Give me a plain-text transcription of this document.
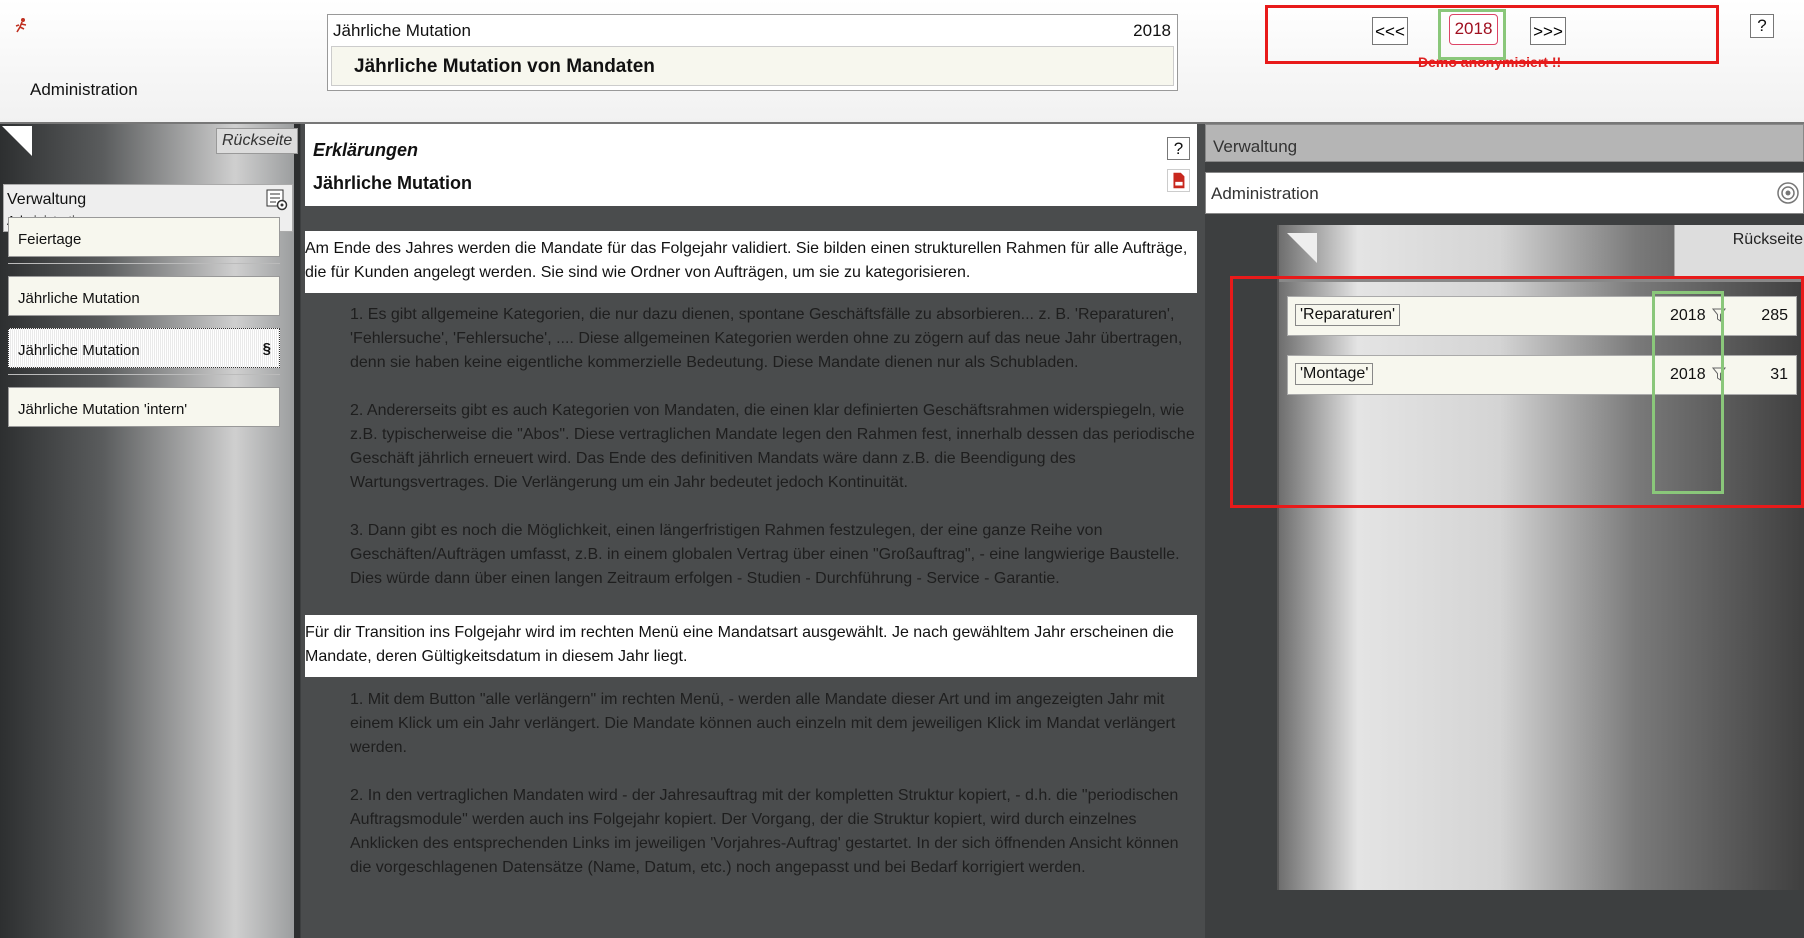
Administration
Jährliche Mutation	2018
Jährliche Mutation von Mandaten
<<<	2018	>>>
Demo anonymisiert !!
?
Rückseite
Verwaltung
Feiertage
Jährliche Mutation
Jährliche Mutation	§
Jährliche Mutation 'intern'
Erklärungen
Jährliche Mutation
?
Am Ende des Jahres werden die Mandate für das Folgejahr validiert. Sie bilden einen strukturellen Rahmen für alle Aufträge, die für Kunden angelegt werden. Sie sind wie Ordner von Aufträgen, um sie zu kategorisieren.

1. Es gibt allgemeine Kategorien, die nur dazu dienen, spontane Geschäftsfälle zu absorbieren... z. B. 'Reparaturen', 'Fehlersuche', 'Fehlersuche', .... Diese allgemeinen Kategorien werden ohne zu zögern auf das neue Jahr übertragen, denn sie haben keine eigentliche kommerzielle Bedeutung. Diese Mandate dienen nur als Schubladen.

2. Andererseits gibt es auch Kategorien von Mandaten, die einen klar definierten Geschäftsrahmen widerspiegeln, wie z.B. typischerweise die "Abos". Diese vertraglichen Mandate legen den Rahmen fest, innerhalb dessen das periodische Geschäft jährlich erneuert wird. Das Ende des definitiven Mandats wäre dann z.B. die Beendigung des Wartungsvertrages. Die Verlängerung um ein Jahr bedeutet jedoch Kontinuität.

3. Dann gibt es noch die Möglichkeit, einen längerfristigen Rahmen festzulegen, der eine ganze Reihe von Geschäften/Aufträgen umfasst, z.B. in einem globalen Vertrag über einen "Großauftrag", - eine langwierige Baustelle. Dies würde dann über einen langen Zeitraum erfolgen - Studien - Durchführung - Service - Garantie.

Für dir Transition ins Folgejahr wird im rechten Menü eine Mandatsart ausgewählt. Je nach gewähltem Jahr erscheinen die Mandate, deren Gültigkeitsdatum in diesem Jahr liegt.

1. Mit dem Button "alle verlängern" im rechten Menü, - werden alle Mandate dieser Art und im angezeigten Jahr mit einem Klick um ein Jahr verlängert. Die Mandate können auch einzeln mit dem jeweiligen Klick im Mandat verlängert werden.

2. In den vertraglichen Mandaten wird - der Jahresauftrag mit der kompletten Struktur kopiert, - d.h. die "periodischen Auftragsmodule" werden auch ins Folgejahr kopiert. Der Vorgang, der die Struktur kopiert, wird durch einzelnes Anklicken des entsprechenden Links im jeweiligen 'Vorjahres-Auftrag' gestartet. In der sich öffnenden Ansicht können die vorgeschlagenen Datensätze (Name, Datum, etc.) noch angepasst und bei Bedarf korrigiert werden.

Verwaltung
Administration
Rückseite
'Reparaturen'	2018	285
'Montage'	2018	31
